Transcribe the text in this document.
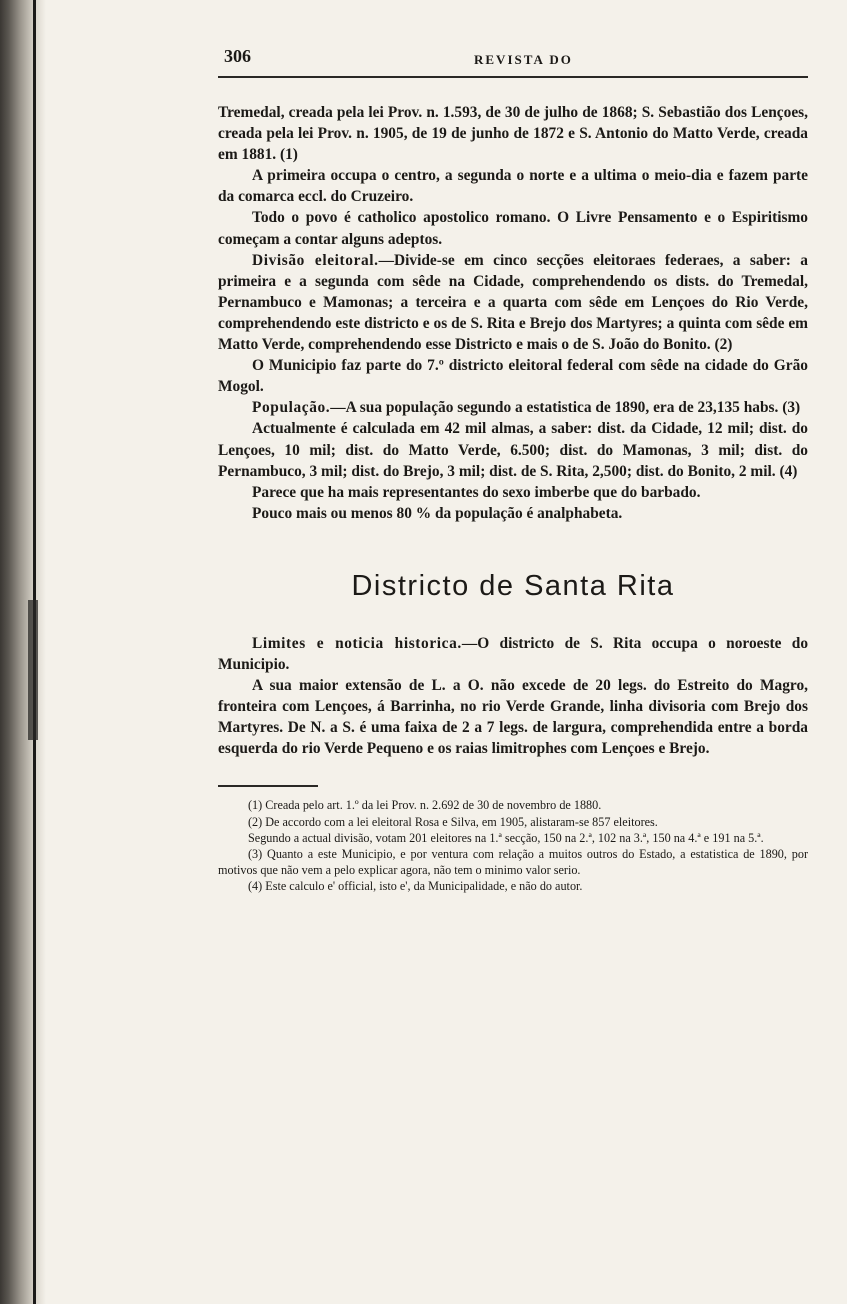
306	REVISTA DO

Tremedal, creada pela lei Prov. n. 1.593, de 30 de julho de 1868; S. Sebastião dos Lençoes, creada pela lei Prov. n. 1905, de 19 de junho de 1872 e S. Antonio do Matto Verde, creada em 1881. (1)

A primeira occupa o centro, a segunda o norte e a ultima o meio-dia e fazem parte da comarca eccl. do Cruzeiro.

Todo o povo é catholico apostolico romano. O Livre Pensamento e o Espiritismo começam a contar alguns adeptos.

Divisão eleitoral.—Divide-se em cinco secções eleitoraes federaes, a saber: a primeira e a segunda com sêde na Cidade, comprehendendo os dists. do Tremedal, Pernambuco e Mamonas; a terceira e a quarta com sêde em Lençoes do Rio Verde, comprehendendo este districto e os de S. Rita e Brejo dos Martyres; a quinta com sêde em Matto Verde, comprehendendo esse Districto e mais o de S. João do Bonito. (2)

O Municipio faz parte do 7.º districto eleitoral federal com sêde na cidade do Grão Mogol.

População.—A sua população segundo a estatistica de 1890, era de 23,135 habs. (3)

Actualmente é calculada em 42 mil almas, a saber: dist. da Cidade, 12 mil; dist. do Lençoes, 10 mil; dist. do Matto Verde, 6.500; dist. do Mamonas, 3 mil; dist. do Pernambuco, 3 mil; dist. do Brejo, 3 mil; dist. de S. Rita, 2,500; dist. do Bonito, 2 mil. (4)

Parece que ha mais representantes do sexo imberbe que do barbado.

Pouco mais ou menos 80 % da população é analphabeta.

Districto de Santa Rita

Limites e noticia historica.—O districto de S. Rita occupa o noroeste do Municipio.

A sua maior extensão de L. a O. não excede de 20 legs. do Estreito do Magro, fronteira com Lençoes, á Barrinha, no rio Verde Grande, linha divisoria com Brejo dos Martyres. De N. a S. é uma faixa de 2 a 7 legs. de largura, comprehendida entre a borda esquerda do rio Verde Pequeno e os raias limitrophes com Lençoes e Brejo.

(1) Creada pelo art. 1.º da lei Prov. n. 2.692 de 30 de novembro de 1880.

(2) De accordo com a lei eleitoral Rosa e Silva, em 1905, alistaram-se 857 eleitores.

Segundo a actual divisão, votam 201 eleitores na 1.ª secção, 150 na 2.ª, 102 na 3.ª, 150 na 4.ª e 191 na 5.ª.

(3) Quanto a este Municipio, e por ventura com relação a muitos outros do Estado, a estatistica de 1890, por motivos que não vem a pelo explicar agora, não tem o minimo valor serio.

(4) Este calculo e' official, isto e', da Municipalidade, e não do autor.
